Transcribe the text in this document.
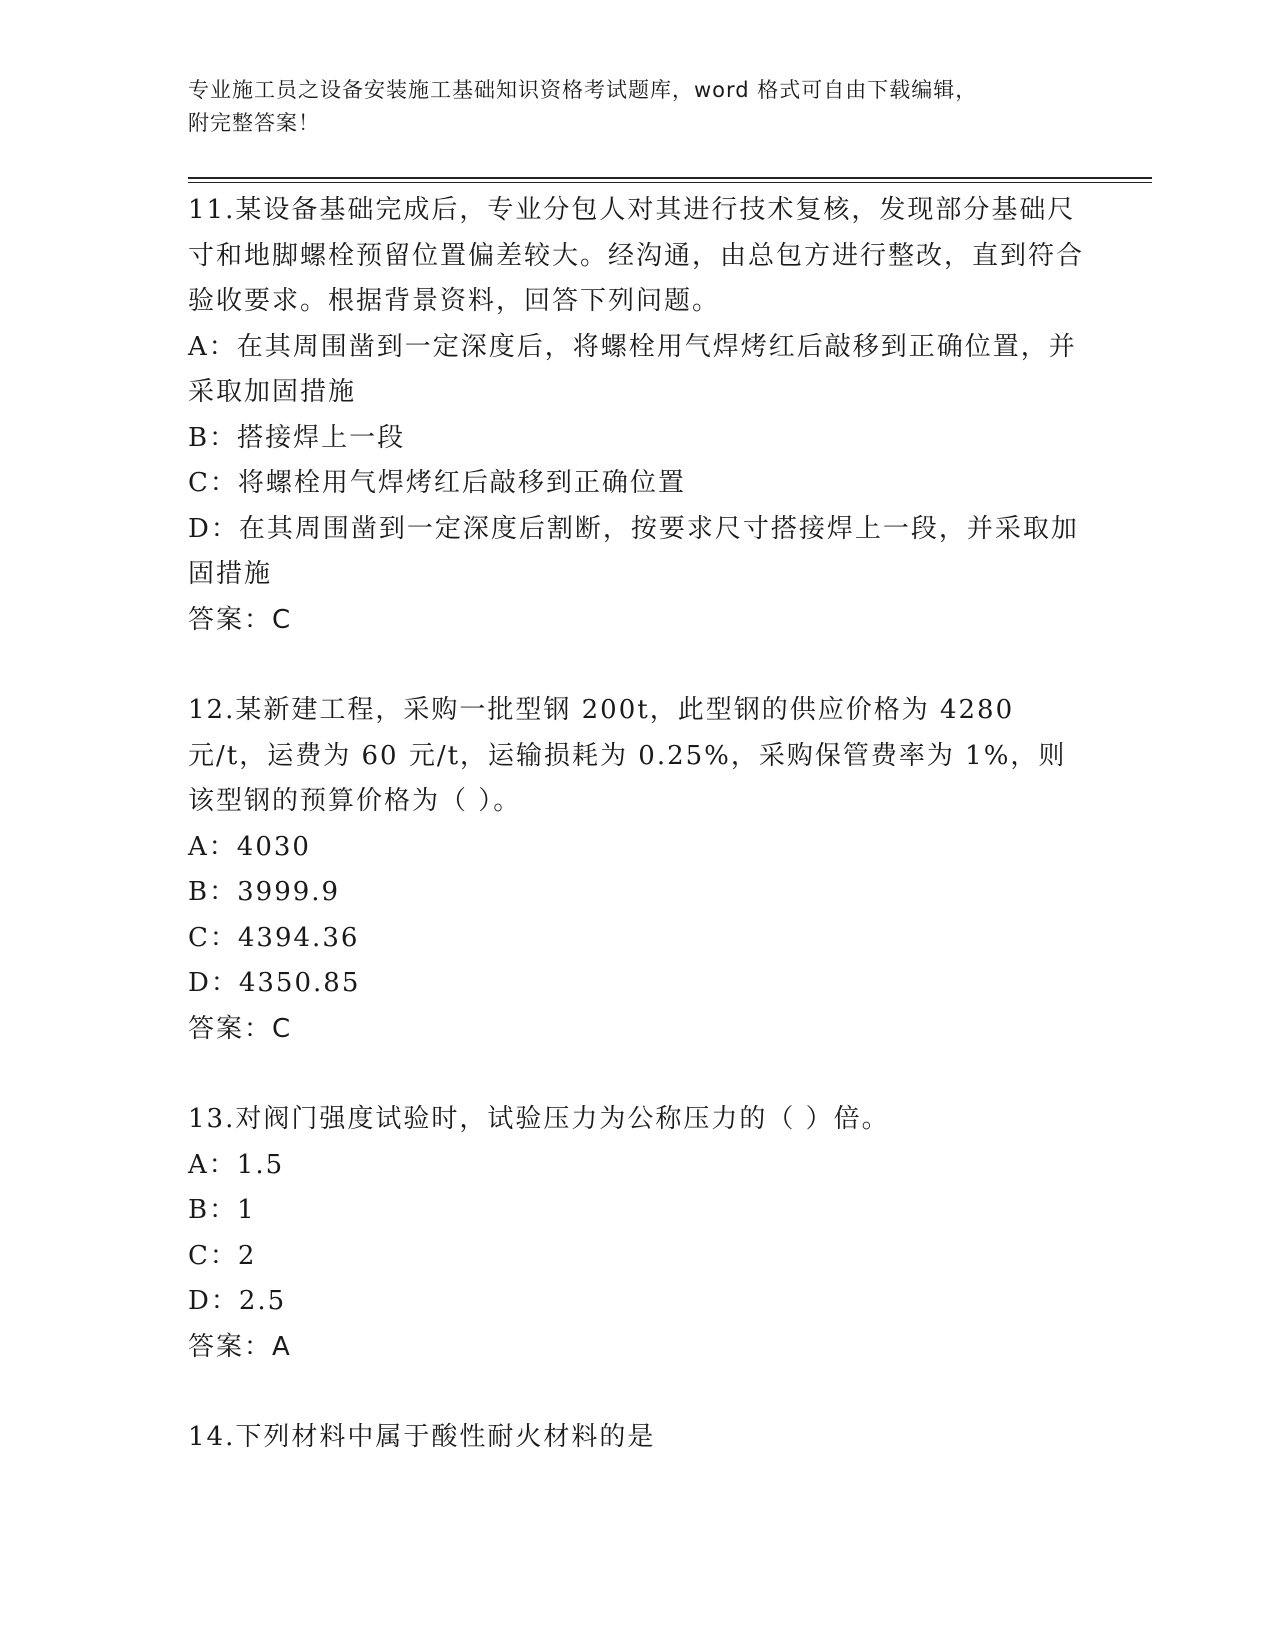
专业施工员之设备安装施工基础知识资格考试题库，word 格式可自由下载编辑，
附完整答案！

11.某设备基础完成后，专业分包人对其进行技术复核，发现部分基础尺寸和地脚螺栓预留位置偏差较大。经沟通，由总包方进行整改，直到符合验收要求。根据背景资料，回答下列问题。

A：在其周围凿到一定深度后，将螺栓用气焊烤红后敲移到正确位置，并采取加固措施

B：搭接焊上一段

C：将螺栓用气焊烤红后敲移到正确位置

D：在其周围凿到一定深度后割断，按要求尺寸搭接焊上一段，并采取加固措施

答案：C

12.某新建工程，采购一批型钢 200t，此型钢的供应价格为 4280 元/t，运费为 60 元/t，运输损耗为 0.25%，采购保管费率为 1%，则该型钢的预算价格为（ ）。

A：4030

B：3999.9

C：4394.36

D：4350.85

答案：C

13.对阀门强度试验时，试验压力为公称压力的（ ）倍。

A：1.5

B：1

C：2

D：2.5

答案：A

14.下列材料中属于酸性耐火材料的是
